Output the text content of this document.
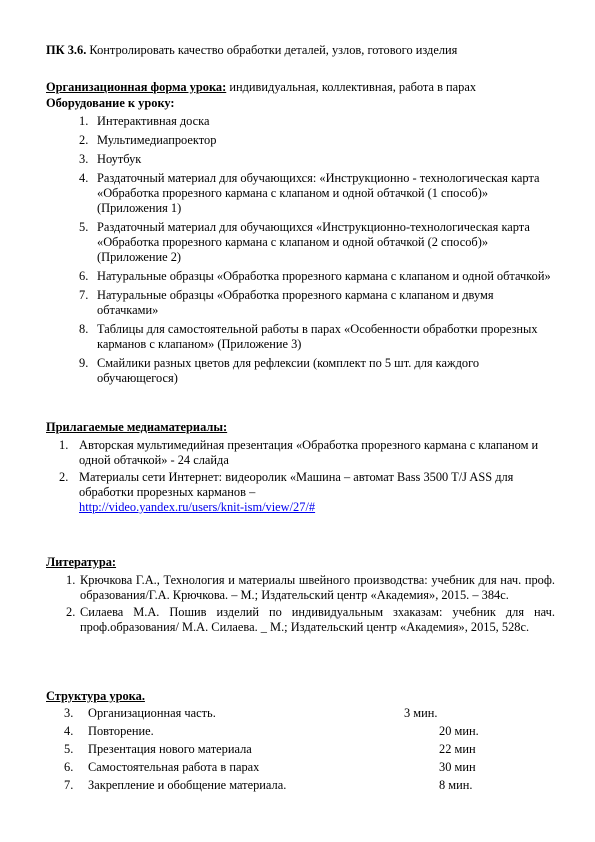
ПК 3.6. Контролировать качество обработки деталей, узлов, готового изделия
Организационная форма урока: индивидуальная, коллективная, работа в парах
Оборудование к уроку:
1. Интерактивная доска
2. Мультимедиапроектор
3. Ноутбук
4. Раздаточный материал для обучающихся: «Инструкционно - технологическая карта «Обработка прорезного кармана с клапаном и одной обтачкой (1 способ)» (Приложения 1)
5. Раздаточный материал для обучающихся «Инструкционно-технологическая карта «Обработка прорезного кармана с клапаном и одной обтачкой (2 способ)» (Приложение 2)
6. Натуральные образцы «Обработка прорезного кармана с клапаном и одной обтачкой»
7. Натуральные образцы «Обработка прорезного кармана с клапаном и двумя обтачками»
8. Таблицы для самостоятельной работы в парах «Особенности обработки прорезных карманов с клапаном» (Приложение 3)
9. Смайлики разных цветов для рефлексии (комплект по 5 шт. для каждого обучающегося)
Прилагаемые медиаматериалы:
1. Авторская мультимедийная презентация «Обработка прорезного кармана с клапаном и одной обтачкой» - 24 слайда
2. Материалы сети Интернет: видеоролик «Машина – автомат Bass 3500 T/J ASS для обработки прорезных карманов –
http://video.yandex.ru/users/knit-ism/view/27/#
Литература:
1. Крючкова Г.А., Технология и материалы швейного производства: учебник для нач. проф. образования/Г.А. Крючкова. – М.; Издательский центр «Академия», 2015. – 384с.
2. Силаева М.А. Пошив изделий по индивидуальным зхаказам: учебник для нач. проф.образования/ М.А. Силаева. _ М.; Издательский центр «Академия», 2015, 528с.
Структура урока.
3. Организационная часть.	3 мин.
4. Повторение.	20 мин.
5. Презентация нового материала	22 мин
6. Самостоятельная работа в парах	30 мин
7. Закрепление и обобщение материала.	8 мин.
